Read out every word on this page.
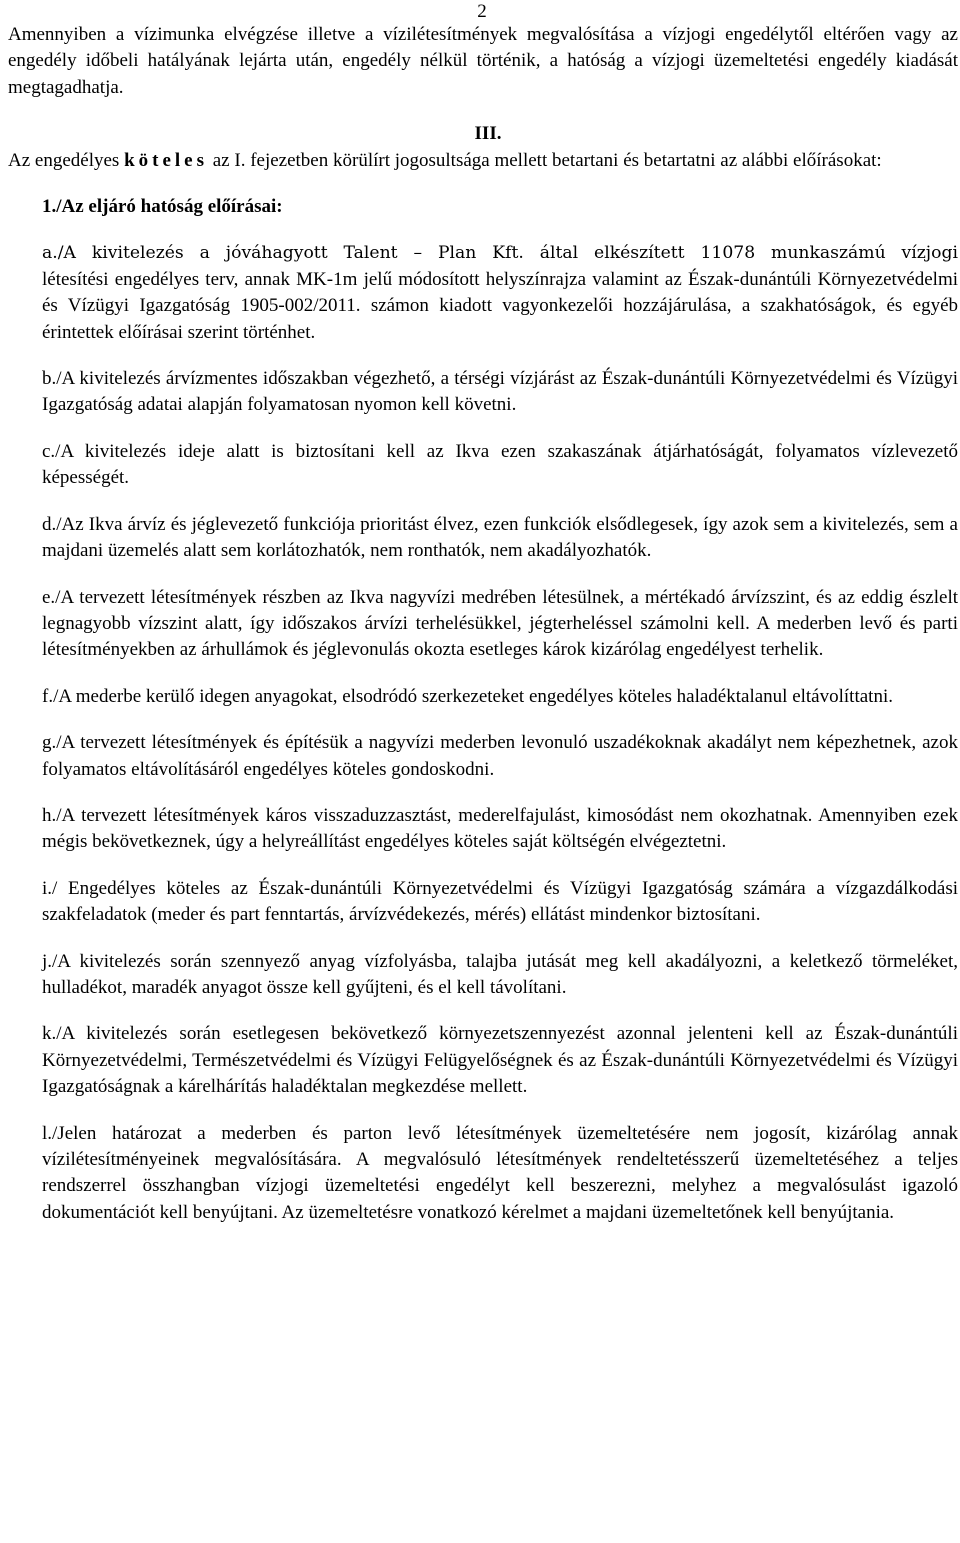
2

Amennyiben a vízimunka elvégzése illetve a vízilétesítmények megvalósítása a vízjogi engedélytől eltérően vagy az engedély időbeli hatályának lejárta után, engedély nélkül történik, a hatóság a vízjogi üzemeltetési engedély kiadását megtagadhatja.

III.

Az engedélyes köteles az I. fejezetben körülírt jogosultsága mellett betartani és betartatni az alábbi előírásokat:

1./Az eljáró hatóság előírásai:

a./A kivitelezés a jóváhagyott Talent – Plan Kft. által elkészített 11078 munkaszámú vízjogi

létesítési engedélyes terv, annak MK-1m jelű módosított helyszínrajza valamint az Észak-dunántúli Környezetvédelmi és Vízügyi Igazgatóság 1905-002/2011. számon kiadott vagyonkezelői hozzájárulása, a szakhatóságok, és egyéb érintettek előírásai szerint történhet.

b./A kivitelezés árvízmentes időszakban végezhető, a térségi vízjárást az Észak-dunántúli Környezetvédelmi és Vízügyi Igazgatóság adatai alapján folyamatosan nyomon kell követni.

c./A kivitelezés ideje alatt is biztosítani kell az Ikva ezen szakaszának átjárhatóságát, folyamatos vízlevezető képességét.

d./Az Ikva árvíz és jéglevezető funkciója prioritást élvez, ezen funkciók elsődlegesek, így azok sem a kivitelezés, sem a majdani üzemelés alatt sem korlátozhatók, nem ronthatók, nem akadályozhatók.

e./A tervezett létesítmények részben az Ikva nagyvízi medrében létesülnek, a mértékadó árvízszint, és az eddig észlelt legnagyobb vízszint alatt, így időszakos árvízi terhelésükkel, jégterheléssel számolni kell. A mederben levő és parti létesítményekben az árhullámok és jéglevonulás okozta esetleges károk kizárólag engedélyest terhelik.

f./A mederbe kerülő idegen anyagokat, elsodródó szerkezeteket engedélyes köteles haladéktalanul eltávolíttatni.

g./A tervezett létesítmények és építésük a nagyvízi mederben levonuló uszadékoknak akadályt nem képezhetnek, azok folyamatos eltávolításáról engedélyes köteles gondoskodni.

h./A tervezett létesítmények káros visszaduzzasztást, mederelfajulást, kimosódást nem okozhatnak. Amennyiben ezek mégis bekövetkeznek, úgy a helyreállítást engedélyes köteles saját költségén elvégeztetni.

i./ Engedélyes köteles az Észak-dunántúli Környezetvédelmi és Vízügyi Igazgatóság számára a vízgazdálkodási szakfeladatok (meder és part fenntartás, árvízvédekezés, mérés) ellátást mindenkor biztosítani.

j./A kivitelezés során szennyező anyag vízfolyásba, talajba jutását meg kell akadályozni, a keletkező törmeléket, hulladékot, maradék anyagot össze kell gyűjteni, és el kell távolítani.

k./A kivitelezés során esetlegesen bekövetkező környezetszennyezést azonnal jelenteni kell az Észak-dunántúli Környezetvédelmi, Természetvédelmi és Vízügyi Felügyelőségnek és az Észak-dunántúli Környezetvédelmi és Vízügyi Igazgatóságnak a kárelhárítás haladéktalan megkezdése mellett.

l./Jelen határozat a mederben és parton levő létesítmények üzemeltetésére nem jogosít, kizárólag annak vízilétesítményeinek megvalósítására. A megvalósuló létesítmények rendeltetésszerű üzemeltetéséhez a teljes rendszerrel összhangban vízjogi üzemeltetési engedélyt kell beszerezni, melyhez a megvalósulást igazoló dokumentációt kell benyújtani. Az üzemeltetésre vonatkozó kérelmet a majdani üzemeltetőnek kell benyújtania.
